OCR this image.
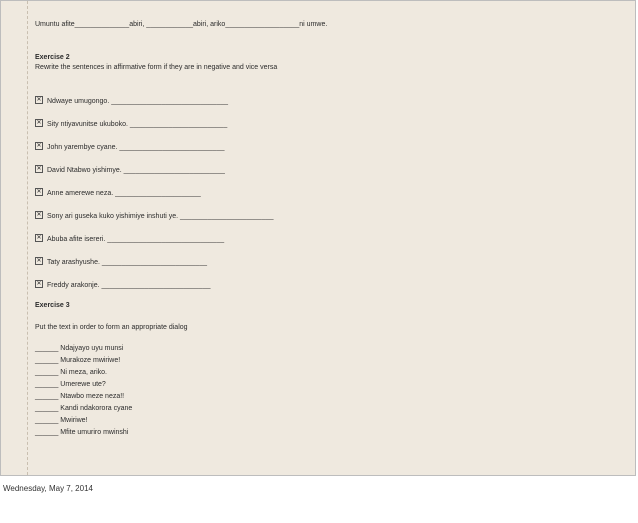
Umuntu afite______________abiri, ____________abiri, ariko___________________ni umwe.
Exercise 2
Rewrite the sentences in affirmative form if they are in negative and vice versa
✕ Ndwaye umugongo. ______________________________
✕ Sity ntiyavunitse ukuboko. _________________________
✕ John yarembye cyane. ___________________________
✕ David Ntabwo yishimye. __________________________
✕ Anne amerewe neza. ______________________
✕ Sony ari guseka kuko yishimiye inshuti ye. ________________________
✕ Abuba afite isereri. ______________________________
✕ Taty arashyushe. ___________________________
✕ Freddy arakonje. ____________________________
Exercise 3
Put the text in order to form an appropriate dialog
______ Ndajyayo uyu munsi
______ Murakoze mwiriwe!
______ Ni meza, ariko.
______ Umerewe ute?
______ Ntawbo meze neza!!
______ Kandi ndakorora cyane
______ Mwiriwe!
______ Mfite umuriro mwinshi
Wednesday, May 7, 2014
